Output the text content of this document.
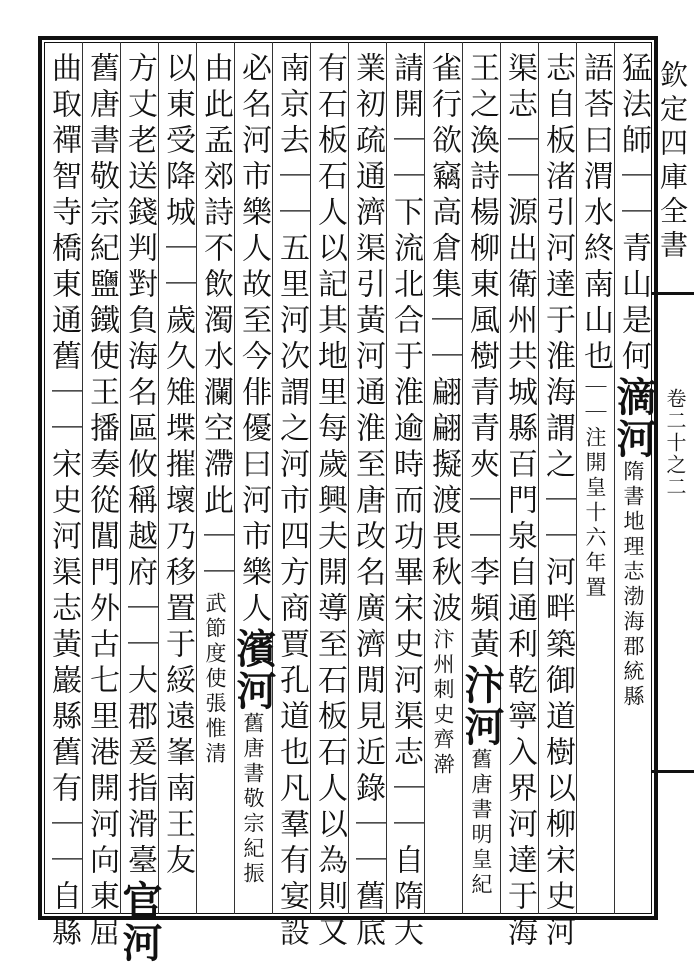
欽定四庫全書
卷二十之二
猛法師｜｜青山是何滴河隋書地理志渤海郡統縣
語荅曰渭水終南山也｜｜注開皇十六年置
志自板渚引河達于淮海謂之｜｜河畔築御道樹以柳宋史河
渠志｜｜源出衛州共城縣百門泉自通利乾寧入界河達于海
王之渙詩楊柳東風樹青青夾｜｜李頻黃汴河舊唐書明皇紀
雀行欲竊高倉集｜｜翩翩擬渡畏秋波汴州刺史齊澣
請開｜｜下流北合于淮逾時而功畢宋史河渠志｜｜自隋大
業初疏通濟渠引黃河通淮至唐改名廣濟閒見近錄｜｜舊底
有石板石人以記其地里每歲興夫開導至石板石人以為則又
南京去｜｜五里河次謂之河市四方商賈孔道也凡羣有宴設
必名河市樂人故至今俳優曰河市樂人濱河舊唐書敬宗紀振
由此孟郊詩不飲濁水瀾空滯此｜｜武節度使張惟清
以東受降城｜｜歲久雉堞摧壞乃移置于綏遠峯南王友
方丈老送錢判對負海名區攸稱越府｜｜大郡爰指滑臺官河
舊唐書敬宗紀鹽鐵使王播奏從閶門外古七里港開河向東屈
曲取禪智寺橋東通舊｜｜宋史河渠志黃巖縣舊有｜｜自縣
